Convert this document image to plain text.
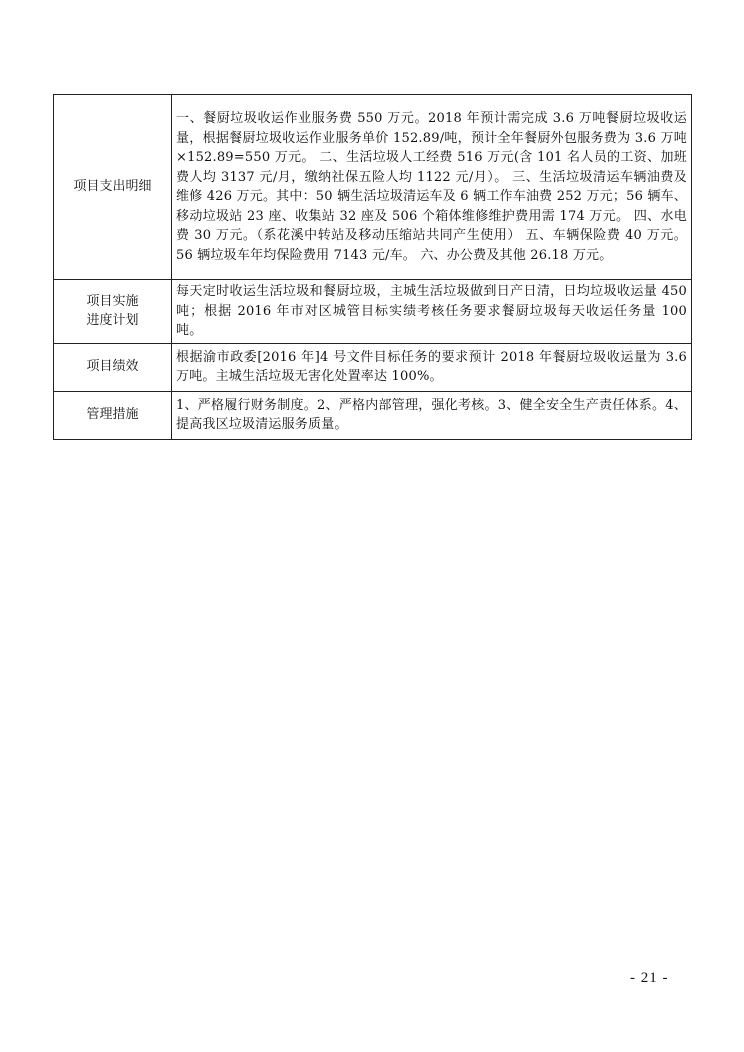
项目支出明细	一、餐厨垃圾收运作业服务费 550 万元。2018 年预计需完成 3.6 万吨餐厨垃圾收运量，根据餐厨垃圾收运作业服务单价 152.89/吨，预计全年餐厨外包服务费为 3.6 万吨×152.89=550 万元。 二、生活垃圾人工经费 516 万元(含 101 名人员的工资、加班费人均 3137 元/月，缴纳社保五险人均 1122 元/月）。 三、生活垃圾清运车辆油费及维修 426 万元。其中：50 辆生活垃圾清运车及 6 辆工作车油费 252 万元；56 辆车、移动垃圾站 23 座、收集站 32 座及 506 个箱体维修维护费用需 174 万元。 四、水电费 30 万元。（系花溪中转站及移动压缩站共同产生使用） 五、车辆保险费 40 万元。56 辆垃圾车年均保险费用 7143 元/车。 六、办公费及其他 26.18 万元。

项目实施
进度计划	每天定时收运生活垃圾和餐厨垃圾，主城生活垃圾做到日产日清，日均垃圾收运量 450 吨；根据 2016 年市对区城管目标实绩考核任务要求餐厨垃圾每天收运任务量 100 吨。

项目绩效	根据渝市政委[2016 年]4 号文件目标任务的要求预计 2018 年餐厨垃圾收运量为 3.6 万吨。主城生活垃圾无害化处置率达 100%。

管理措施	1、严格履行财务制度。2、严格内部管理，强化考核。3、健全安全生产责任体系。4、提高我区垃圾清运服务质量。
- 21 -
